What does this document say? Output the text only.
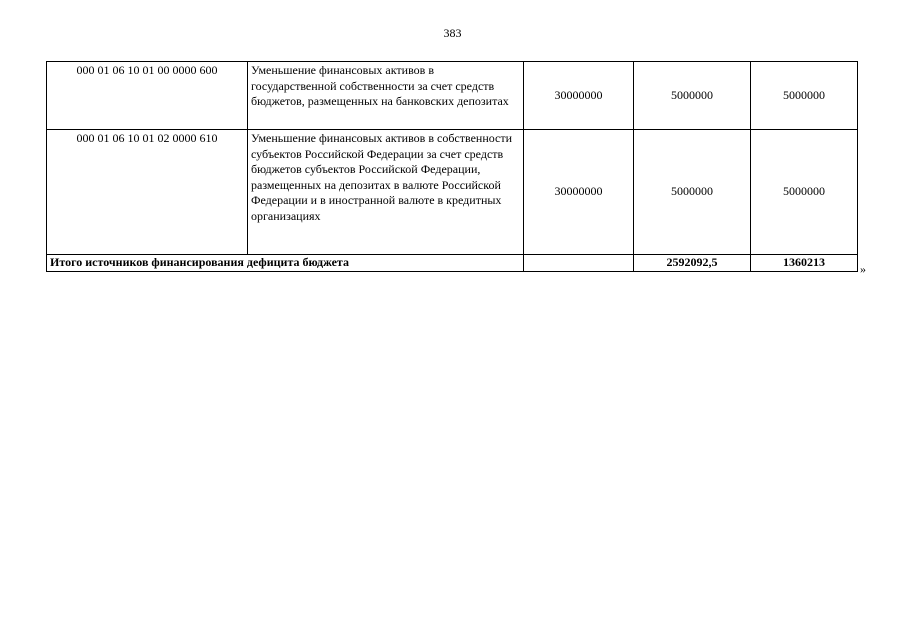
383
000 01 06 10 01 00 0000 600	Уменьшение финансовых активов в государственной собственности за счет средств бюджетов, размещенных на банковских депозитах	30000000	5000000	5000000
000 01 06 10 01 02 0000 610	Уменьшение финансовых активов в собственности субъектов Российской Федерации за счет средств бюджетов субъектов Российской Федерации, размещенных на депозитах в валюте Российской Федерации и в иностранной валюте в кредитных организациях	30000000	5000000	5000000
Итого источников финансирования дефицита бюджета			2592092,5	1360213	»
